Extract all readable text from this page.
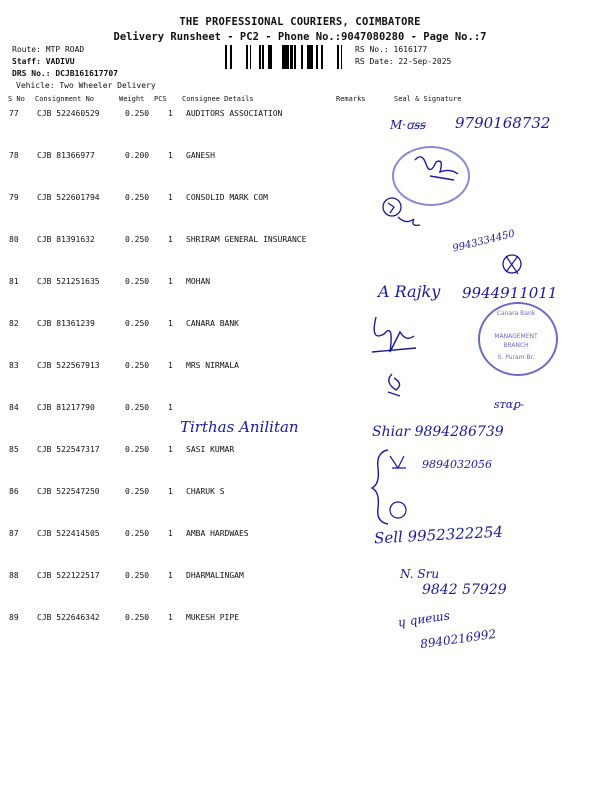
THE PROFESSIONAL COURIERS, COIMBATORE
Delivery Runsheet - PC2 - Phone No.:9047080280 - Page No.:7
Route: MTP ROAD
Staff: VADIVU
DRS No.: DCJB161617707
Vehicle: Two Wheeler Delivery
RS No.: 1616177
RS Date: 22-Sep-2025
S No Consignment No	Weight PCS Consignee Details	Remarks	Seal & Signature
77 CJB 522460529	0.250 1 AUDITORS ASSOCIATION
78 CJB 81366977	0.200 1 GANESH
79 CJB 522601794	0.250 1 CONSOLID MARK COM
80 CJB 81391632	0.250 1 SHRIRAM GENERAL INSURANCE
81 CJB 521251635	0.250 1 MOHAN
82 CJB 81361239	0.250 1 CANARA BANK
83 CJB 522567913	0.250 1 MRS NIRMALA
84 CJB 81217790	0.250 1
85 CJB 522547317	0.250 1 SASI KUMAR
86 CJB 522547250	0.250 1 CHARUK S
87 CJB 522414505	0.250 1 AMBA HARDWAES
88 CJB 522122517	0.250 1 DHARMALINGAM
89 CJB 522646342	0.250 1 MUKESH PIPE
M·ꭤꞩꞩ 9790168732
9943334450
A Rajky 9944911011
Canara Bank
MANAGEMENT
BRANCH
S. Puram Br.
ꜱᴛɑꝑ-
Tirthas Anilitan	Shiar 9894286739
9894032056
Sell 9952322254
N. Sru
9842 57929
ɥ qᴎeɯs
8940216992
